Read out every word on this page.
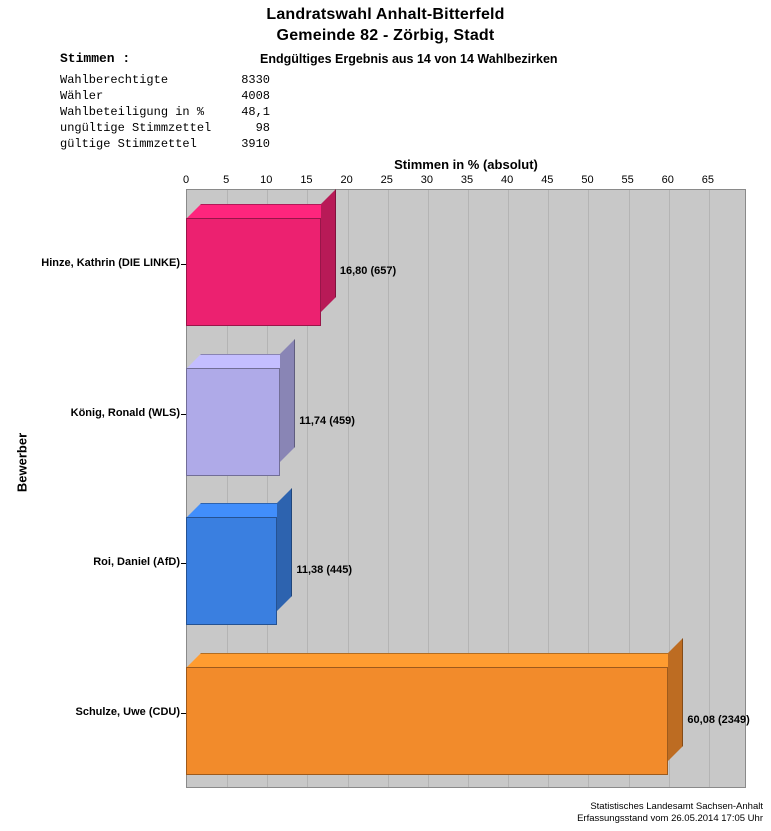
Landratswahl Anhalt-Bitterfeld
Gemeinde 82 - Zörbig, Stadt
Stimmen :	Endgültiges Ergebnis aus 14 von 14 Wahlbezirken
Wahlberechtigte	8330
Wähler	4008
Wahlbeteiligung in %	48,1
ungültige Stimmzettel	98
gültige Stimmzettel	3910
Stimmen in % (absolut)
Bewerber
0	5	10	15	20	25	30	35	40	45	50	55	60	65
16,80 (657)
Hinze, Kathrin (DIE LINKE)
11,74 (459)
König, Ronald (WLS)
11,38 (445)
Roi, Daniel (AfD)
60,08 (2349)
Schulze, Uwe (CDU)
Statistisches Landesamt Sachsen-Anhalt
Erfassungsstand vom 26.05.2014 17:05 Uhr
